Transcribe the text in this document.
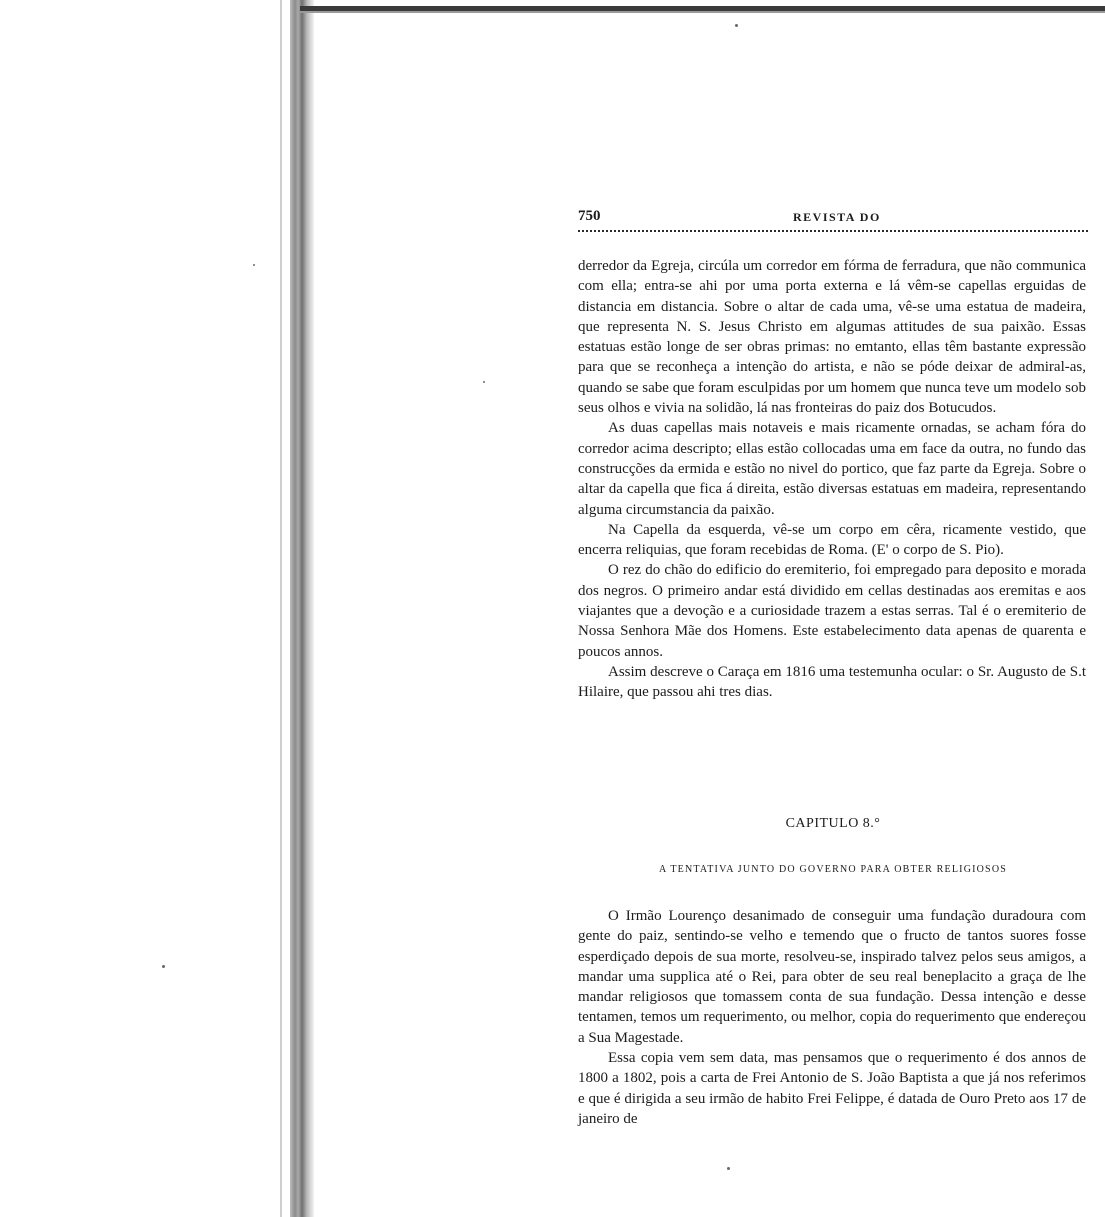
750	REVISTA DO

derredor da Egreja, circúla um corredor em fórma de ferradura, que não communica com ella; entra-se ahi por uma porta externa e lá vêm-se capellas erguidas de distancia em distancia. Sobre o altar de cada uma, vê-se uma estatua de madeira, que representa N. S. Jesus Christo em algumas attitudes de sua paixão. Essas estatuas estão longe de ser obras primas: no emtanto, ellas têm bastante expressão para que se reconheça a intenção do artista, e não se póde deixar de admiral-as, quando se sabe que foram esculpidas por um homem que nunca teve um modelo sob seus olhos e vivia na solidão, lá nas fronteiras do paiz dos Botucudos.

As duas capellas mais notaveis e mais ricamente ornadas, se acham fóra do corredor acima descripto; ellas estão collocadas uma em face da outra, no fundo das construcções da ermida e estão no nivel do portico, que faz parte da Egreja. Sobre o altar da capella que fica á direita, estão diversas estatuas em madeira, representando alguma circumstancia da paixão.

Na Capella da esquerda, vê-se um corpo em cêra, ricamente vestido, que encerra reliquias, que foram recebidas de Roma. (E' o corpo de S. Pio).

O rez do chão do edificio do eremiterio, foi empregado para deposito e morada dos negros. O primeiro andar está dividido em cellas destinadas aos eremitas e aos viajantes que a devoção e a curiosidade trazem a estas serras. Tal é o eremiterio de Nossa Senhora Mãe dos Homens. Este estabelecimento data apenas de quarenta e poucos annos.

Assim descreve o Caraça em 1816 uma testemunha ocular: o Sr. Augusto de S.t Hilaire, que passou ahi tres dias.

CAPITULO 8.°
A TENTATIVA JUNTO DO GOVERNO PARA OBTER RELIGIOSOS

O Irmão Lourenço desanimado de conseguir uma fundação duradoura com gente do paiz, sentindo-se velho e temendo que o fructo de tantos suores fosse esperdiçado depois de sua morte, resolveu-se, inspirado talvez pelos seus amigos, a mandar uma supplica até o Rei, para obter de seu real beneplacito a graça de lhe mandar religiosos que tomassem conta de sua fundação. Dessa intenção e desse tentamen, temos um requerimento, ou melhor, copia do requerimento que endereçou a Sua Magestade.

Essa copia vem sem data, mas pensamos que o requerimento é dos annos de 1800 a 1802, pois a carta de Frei Antonio de S. João Baptista a que já nos referimos e que é dirigida a seu irmão de habito Frei Felippe, é datada de Ouro Preto aos 17 de janeiro de
